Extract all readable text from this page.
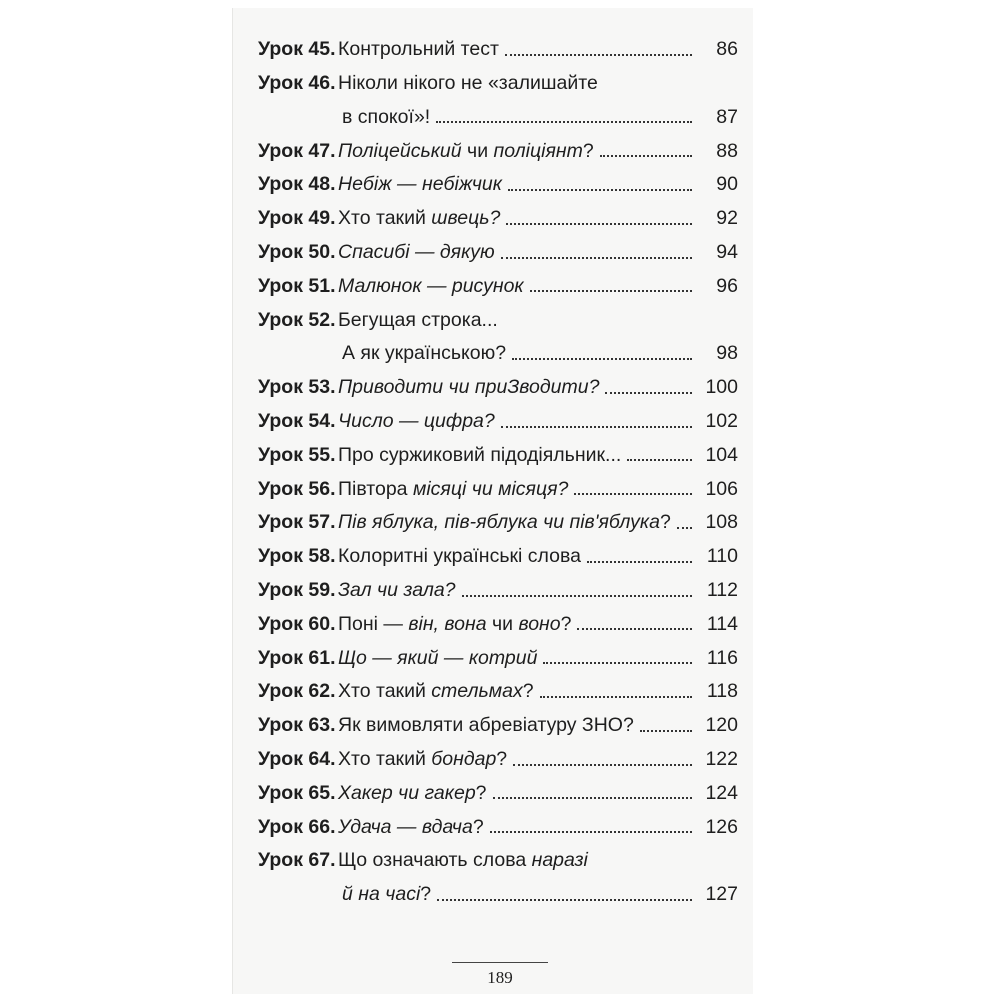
Урок 45. Контрольний тест	86
Урок 46. Ніколи нікого не «залишайте
в спокої»!	87
Урок 47. Поліцейський чи поліціянт?	88
Урок 48. Небіж — небіжчик	90
Урок 49. Хто такий швець?	92
Урок 50. Спасибі — дякую	94
Урок 51. Малюнок — рисунок	96
Урок 52. Бегущая строка...
А як українською?	98
Урок 53. Приводити чи приЗводити?	100
Урок 54. Число — цифра?	102
Урок 55. Про суржиковий підодіяльник...	104
Урок 56. Півтора місяці чи місяця?	106
Урок 57. Пів яблука, пів-яблука чи пів'яблука? 108
Урок 58. Колоритні українські слова	110
Урок 59. Зал чи зала?	112
Урок 60. Поні — він, вона чи воно?	114
Урок 61. Що — який — котрий	116
Урок 62. Хто такий стельмах?	118
Урок 63. Як вимовляти абревіатуру ЗНО?	120
Урок 64. Хто такий бондар?	122
Урок 65. Хакер чи гакер?	124
Урок 66. Удача — вдача?	126
Урок 67. Що означають слова наразі
й на часі?	127
189
